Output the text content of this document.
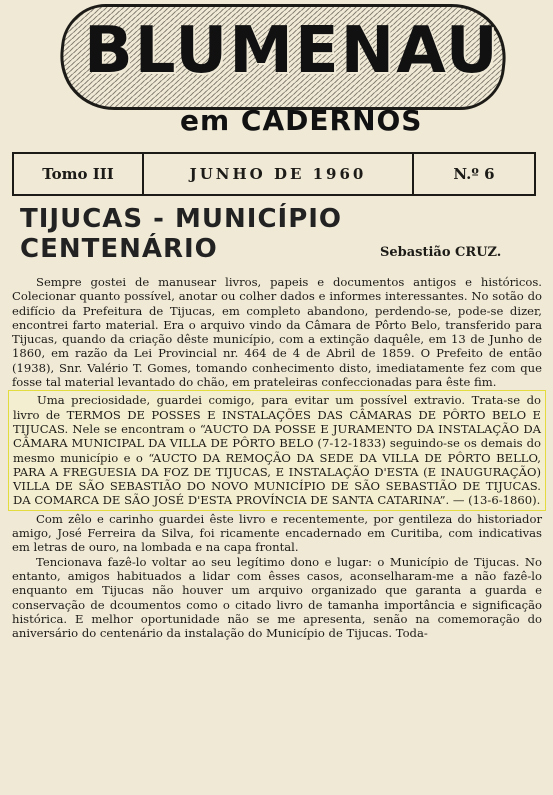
BLUMENAU
em CADERNOS
Tomo III	JUNHO DE 1960	N.º 6
TIJUCAS - MUNICÍPIO CENTENÁRIO	Sebastião CRUZ.

Sempre gostei de manusear livros, papeis e documentos antigos e históricos. Colecionar quanto possível, anotar ou colher dados e informes interessantes. No sotão do edifício da Prefeitura de Tijucas, em completo abandono, perdendo-se, pode-se dizer, encontrei farto material. Era o arquivo vindo da Câmara de Pôrto Belo, transferido para Tijucas, quando da criação dêste município, com a extinção daquêle, em 13 de Junho de 1860, em razão da Lei Provincial nr. 464 de 4 de Abril de 1859. O Prefeito de então (1938), Snr. Valério T. Gomes, tomando conhecimento disto, imediatamente fez com que fosse tal material levantado do chão, em prateleiras confeccionadas para êste fim.

Uma preciosidade, guardei comigo, para evitar um possível extravio. Trata-se do livro de TERMOS DE POSSES E INSTALAÇÕES DAS CÂMARAS DE PÔRTO BELO E TIJUCAS. Nele se encontram o “AUCTO DA POSSE E JURAMENTO DA INSTALAÇÃO DA CÂMARA MUNICIPAL DA VILLA DE PÔRTO BELO (7-12-1833) seguindo-se os demais do mesmo município e o “AUCTO DA REMOÇÃO DA SEDE DA VILLA DE PÔRTO BELLO, PARA A FREGUESIA DA FOZ DE TIJUCAS, E INSTALAÇÃO D'ESTA (E INAUGURAÇÃO) VILLA DE SÃO SEBASTIÃO DO NOVO MUNICÍPIO DE SÃO SEBASTIÃO DE TIJUCAS. DA COMARCA DE SÃO JOSÉ D'ESTA PROVÍNCIA DE SANTA CATARINA”. — (13-6-1860).

Com zêlo e carinho guardei êste livro e recentemente, por gentileza do historiador amigo, José Ferreira da Silva, foi ricamente encadernado em Curitiba, com indicativas em letras de ouro, na lombada e na capa frontal.

Tencionava fazê-lo voltar ao seu legítimo dono e lugar: o Município de Tijucas. No entanto, amigos habituados a lidar com êsses casos, aconselharam-me a não fazê-lo enquanto em Tijucas não houver um arquivo organizado que garanta a guarda e conservação de dcoumentos como o citado livro de tamanha importância e significação histórica. E melhor oportunidade não se me apresenta, senão na comemoração do aniversário do centenário da instalação do Município de Tijucas. Toda-
